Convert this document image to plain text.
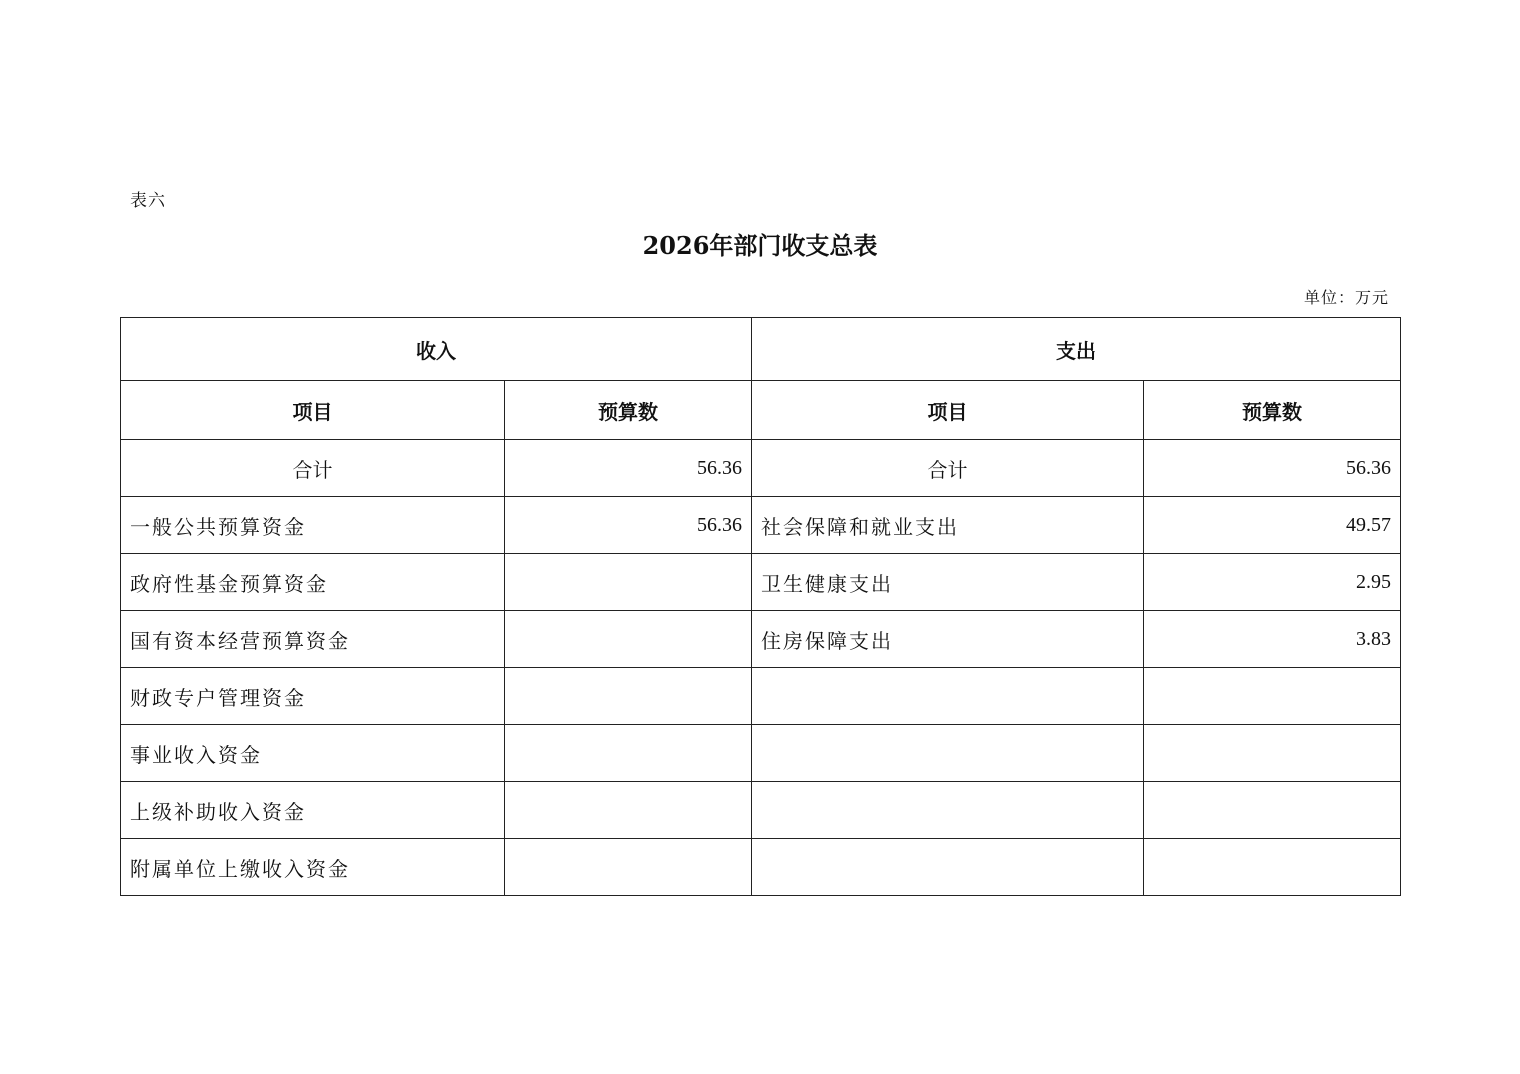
表六
2026年部门收支总表
单位：万元
收入		支出	
项目	预算数	项目	预算数
合计	56.36	合计	56.36
一般公共预算资金	56.36	社会保障和就业支出	49.57
政府性基金预算资金		卫生健康支出	2.95
国有资本经营预算资金		住房保障支出	3.83
财政专户管理资金			
事业收入资金			
上级补助收入资金			
附属单位上缴收入资金			
